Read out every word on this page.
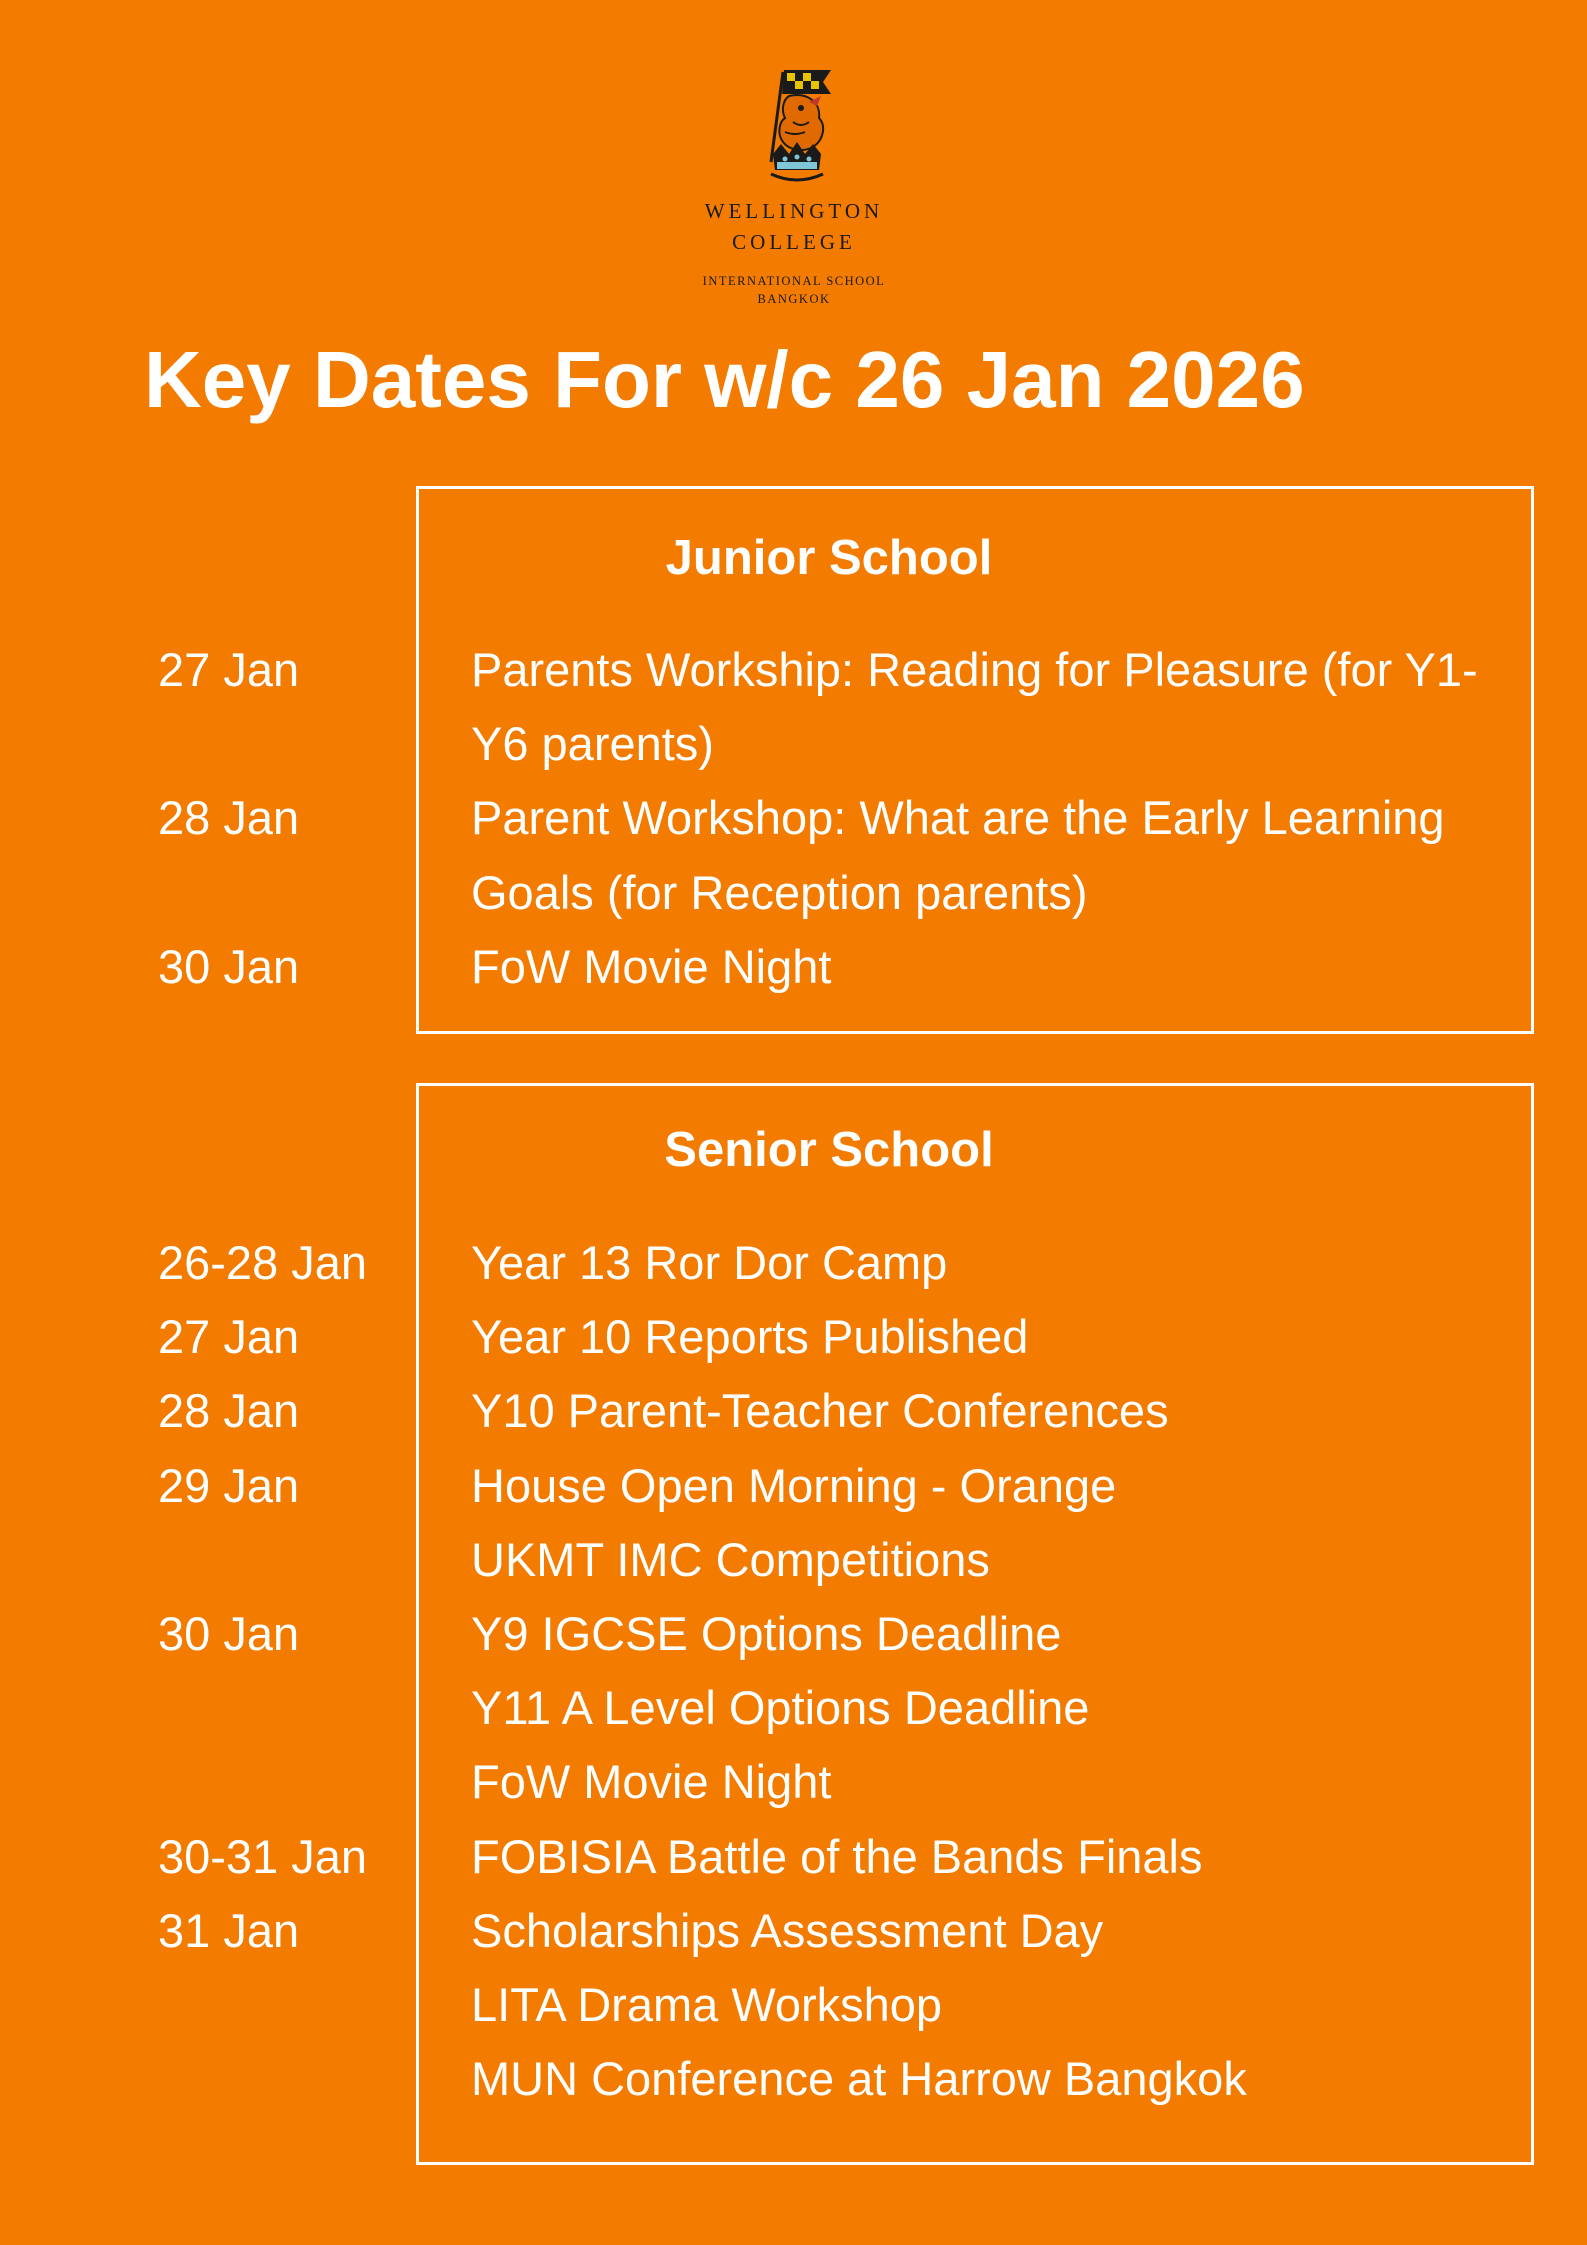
WELLINGTON
COLLEGE
INTERNATIONAL SCHOOL
BANGKOK
Key Dates For w/c 26 Jan 2026
Junior School
27 Jan	Parents Workship: Reading for Pleasure (for Y1-Y6 parents)
28 Jan	Parent Workshop: What are the Early Learning Goals (for Reception parents)
30 Jan	FoW Movie Night
Senior School
26-28 Jan	Year 13 Ror Dor Camp
27 Jan	Year 10 Reports Published
28 Jan	Y10 Parent-Teacher Conferences
29 Jan	House Open Morning - Orange
UKMT IMC Competitions
30 Jan	Y9 IGCSE Options Deadline
Y11 A Level Options Deadline
FoW Movie Night
30-31 Jan	FOBISIA Battle of the Bands Finals
31 Jan	Scholarships Assessment Day
LITA Drama Workshop
MUN Conference at Harrow Bangkok
